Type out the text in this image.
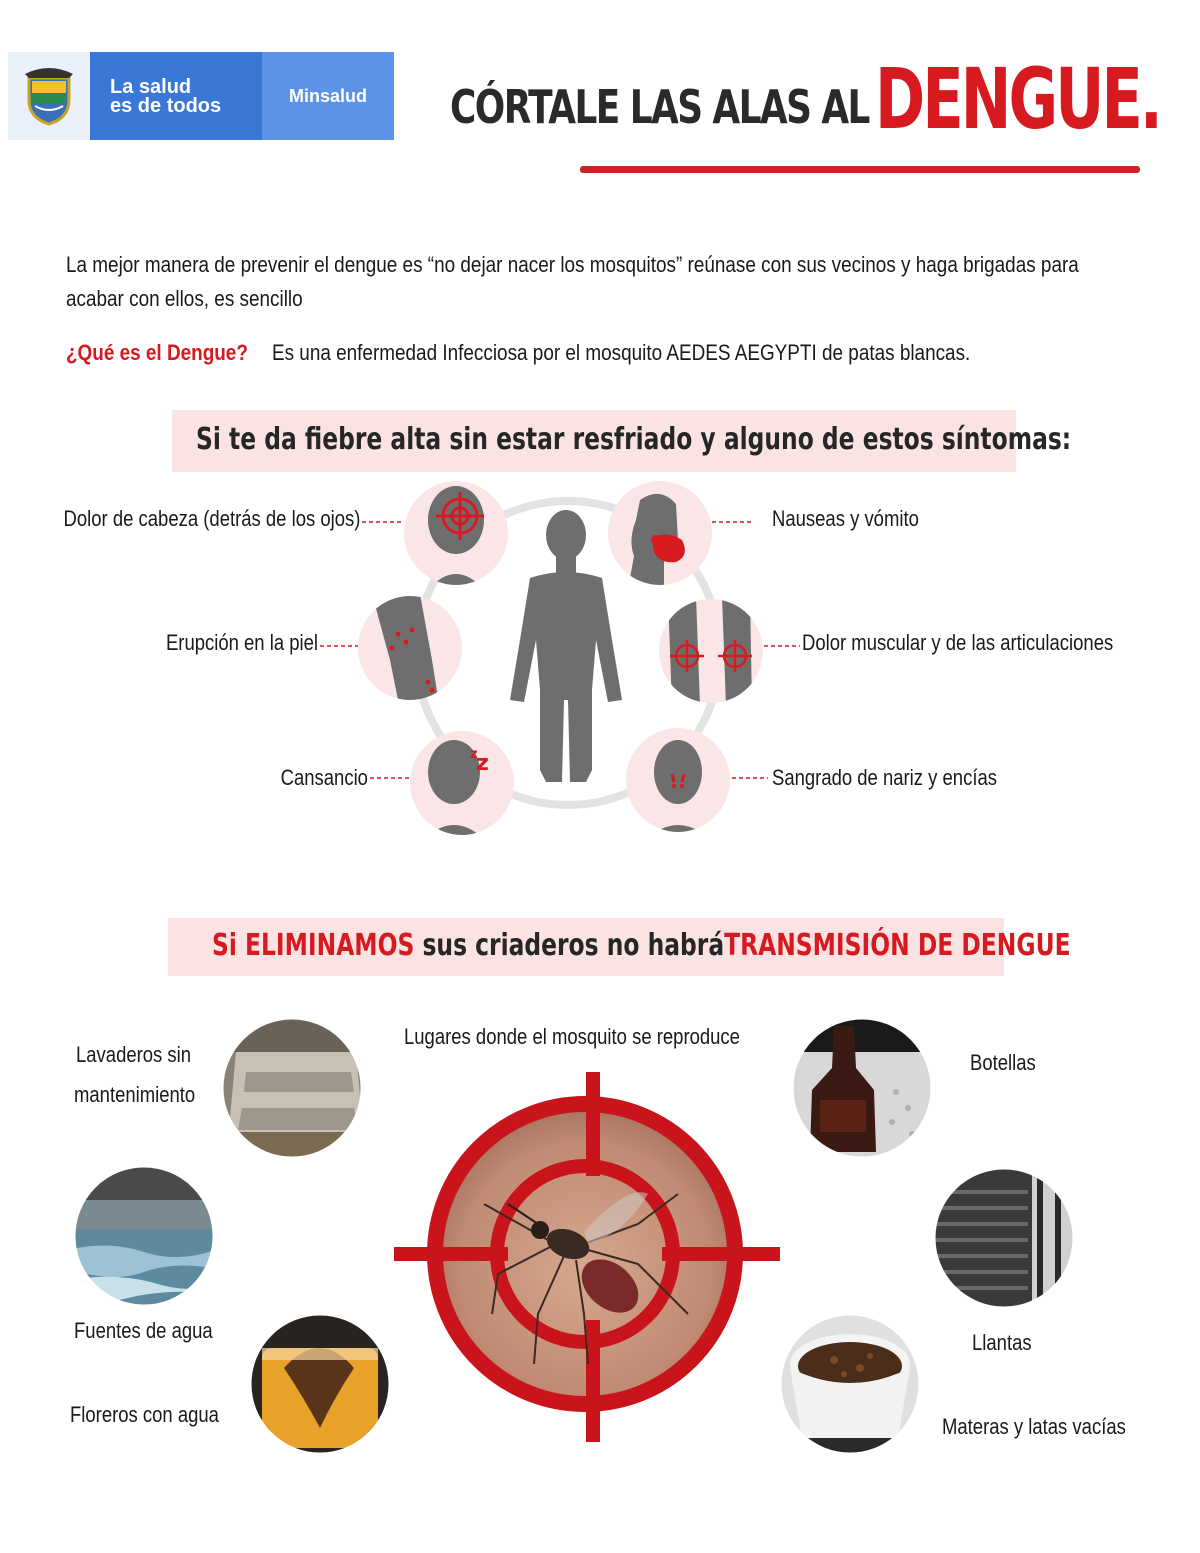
La salud
es de todos	Minsalud	CÓRTALE LAS ALAS AL DENGUE.
La mejor manera de prevenir el dengue es “no dejar nacer los mosquitos” reúnase con sus vecinos y haga brigadas para acabar con ellos, es sencillo
¿Qué es el Dengue? Es una enfermedad Infecciosa por el mosquito AEDES AEGYPTI de patas blancas.
Si te da fiebre alta sin estar resfriado y alguno de estos síntomas:
z
z
Dolor de cabeza (detrás de los ojos)	Nauseas y vómito
Erupción en la piel	Dolor muscular y de las articulaciones
Cansancio	Sangrado de nariz y encías
Si ELIMINAMOS sus criaderos no habráTRANSMISIÓN DE DENGUE
Lugares donde el mosquito se reproduce
Lavaderos sin
mantenimiento
Fuentes de agua
Floreros con agua
Botellas
Llantas
Materas y latas vacías
